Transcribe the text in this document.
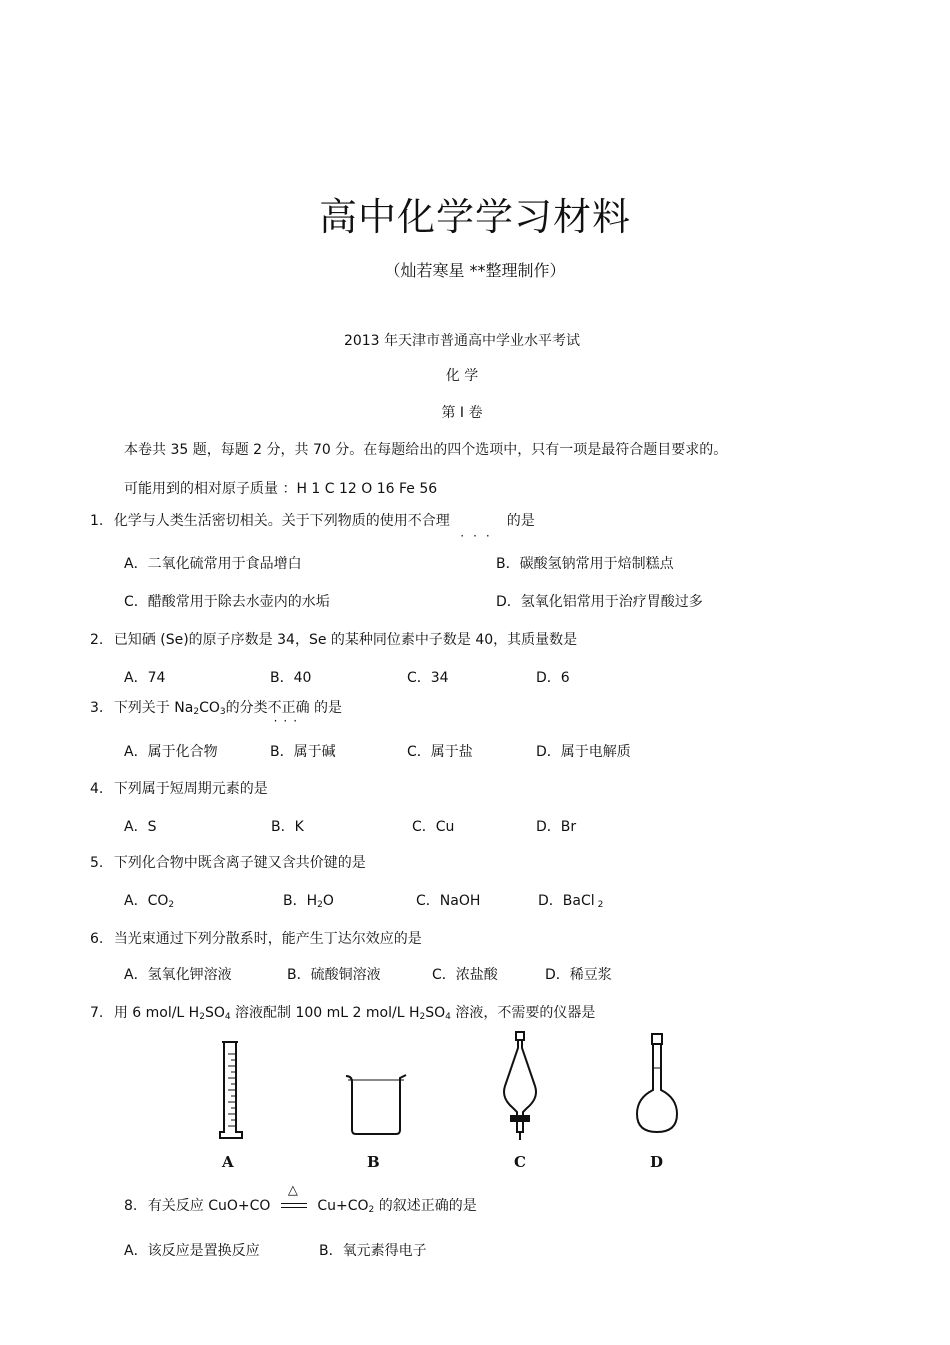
高中化学学习材料
（灿若寒星 **整理制作）
2013 年天津市普通高中学业水平考试
化 学
第 I 卷
本卷共 35 题，每题 2 分，共 70 分。在每题给出的四个选项中，只有一项是最符合题目要求的。
可能用到的相对原子质量 ：H 1 C 12 O 16 Fe 56
1. 化学与人类生活密切相关。关于下列物质的使用不合理
···
的是
A．二氧化硫常用于食品增白	B．碳酸氢钠常用于焙制糕点
C．醋酸常用于除去水壶内的水垢	D．氢氧化铝常用于治疗胃酸过多
2. 已知硒 (Se)的原子序数是 34，Se 的某种同位素中子数是 40，其质量数是
A．74	B．40	C．34	D．6
3. 下列关于 $Na_2CO_3$的分类不正确
···
的是
A．属于化合物	B．属于碱	C．属于盐	D．属于电解质
4. 下列属于短周期元素的是
A．S	B．K	C．Cu	D．Br
5. 下列化合物中既含离子键又含共价键的是
A．$CO_2$	B．$H_2O$	C．NaOH	D．BaCl $_2$
6. 当光束通过下列分散系时，能产生丁达尔效应的是
A．氢氧化钾溶液	B．硫酸铜溶液	C．浓盐酸	D．稀豆浆
7. 用 6 mol/L $H_2SO_4$ 溶液配制 100 mL 2 mol/L $H_2SO_4$ 溶液，不需要的仪器是
A	B	C	D
8. 有关反应 CuO+CO
△
$Cu+CO_2$ 的叙述正确的是
A．该反应是置换反应	B．氧元素得电子
